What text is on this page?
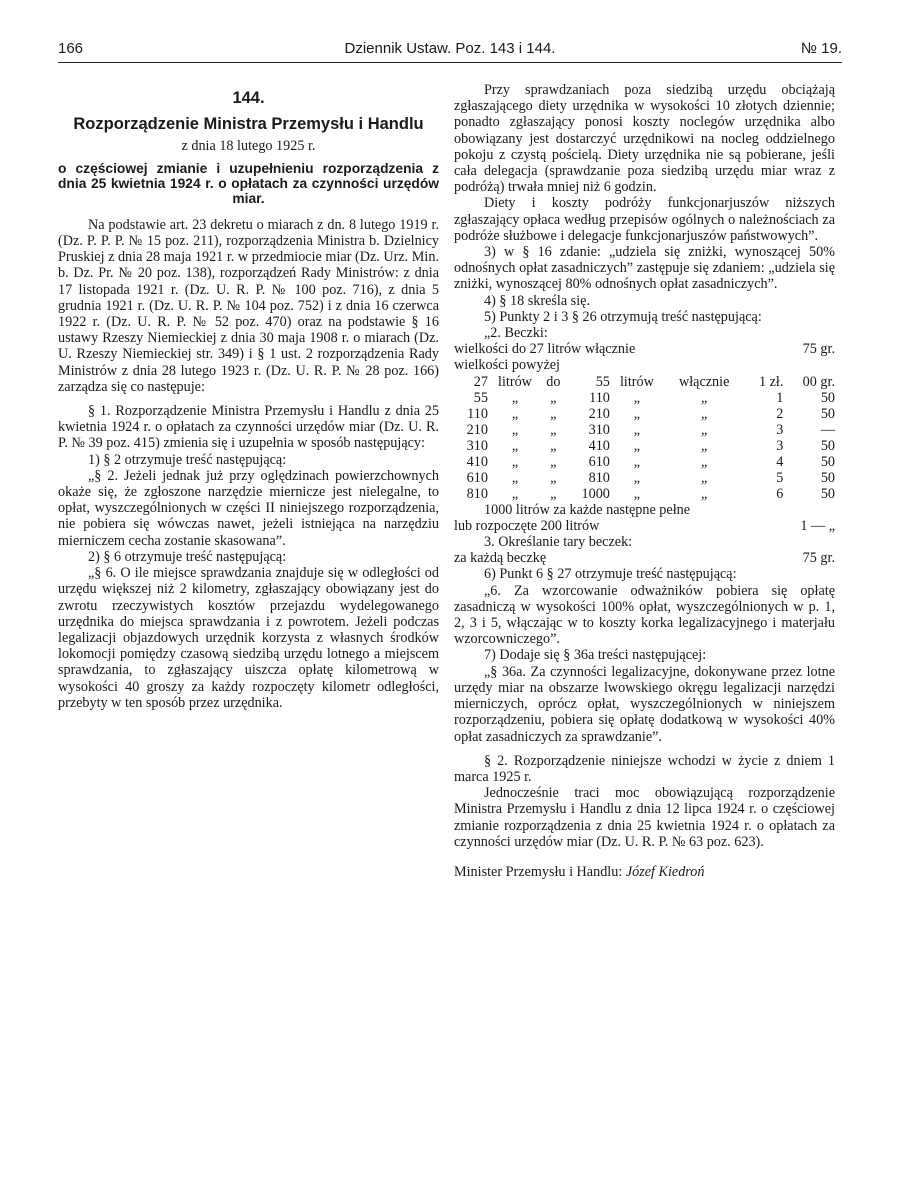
166	Dziennik Ustaw. Poz. 143 i 144.	№ 19.
144.
Rozporządzenie Ministra Przemysłu i Handlu
z dnia 18 lutego 1925 r.
o częściowej zmianie i uzupełnieniu rozporządzenia z dnia 25 kwietnia 1924 r. o opłatach za czynności urzędów miar.

Na podstawie art. 23 dekretu o miarach z dn. 8 lutego 1919 r. (Dz. P. P. P. № 15 poz. 211), rozporządzenia Ministra b. Dzielnicy Pruskiej z dnia 28 maja 1921 r. w przedmiocie miar (Dz. Urz. Min. b. Dz. Pr. № 20 poz. 138), rozporządzeń Rady Ministrów: z dnia 17 listopada 1921 r. (Dz. U. R. P. № 100 poz. 716), z dnia 5 grudnia 1921 r. (Dz. U. R. P. № 104 poz. 752) i z dnia 16 czerwca 1922 r. (Dz. U. R. P. № 52 poz. 470) oraz na podstawie § 16 ustawy Rzeszy Niemieckiej z dnia 30 maja 1908 r. o miarach (Dz. U. Rzeszy Niemieckiej str. 349) i § 1 ust. 2 rozporządzenia Rady Ministrów z dnia 28 lutego 1923 r. (Dz. U. R. P. № 28 poz. 166) zarządza się co następuje:

§ 1. Rozporządzenie Ministra Przemysłu i Handlu z dnia 25 kwietnia 1924 r. o opłatach za czynności urzędów miar (Dz. U. R. P. № 39 poz. 415) zmienia się i uzupełnia w sposób następujący:

1) § 2 otrzymuje treść następującą:

„§ 2. Jeżeli jednak już przy oględzinach powierzchownych okaże się, że zgłoszone narzędzie miernicze jest nielegalne, to opłat, wyszczególnionych w części II niniejszego rozporządzenia, nie pobiera się wówczas nawet, jeżeli istniejąca na narzędziu mierniczem cecha zostanie skasowana”.

2) § 6 otrzymuje treść następującą:

„§ 6. O ile miejsce sprawdzania znajduje się w odległości od urzędu większej niż 2 kilometry, zgłaszający obowiązany jest do zwrotu rzeczywistych kosztów przejazdu wydelegowanego urzędnika do miejsca sprawdzania i z powrotem. Jeżeli podczas legalizacji objazdowych urzędnik korzysta z własnych środków lokomocji pomiędzy czasową siedzibą urzędu lotnego a miejscem sprawdzania, to zgłaszający uiszcza opłatę kilometrową w wysokości 40 groszy za każdy rozpoczęty kilometr odległości, przebyty w ten sposób przez urzędnika.

Przy sprawdzaniach poza siedzibą urzędu obciążają zgłaszającego diety urzędnika w wysokości 10 złotych dziennie; ponadto zgłaszający ponosi koszty noclegów urzędnika albo obowiązany jest dostarczyć urzędnikowi na nocleg oddzielnego pokoju z czystą pościelą. Diety urzędnika nie są pobierane, jeśli cała delegacja (sprawdzanie poza siedzibą urzędu miar wraz z podróżą) trwała mniej niż 6 godzin.

Diety i koszty podróży funkcjonarjuszów niższych zgłaszający opłaca według przepisów ogólnych o należnościach za podróże służbowe i delegacje funkcjonarjuszów państwowych”.

3) w § 16 zdanie: „udziela się zniżki, wynoszącej 50% odnośnych opłat zasadniczych” zastępuje się zdaniem: „udziela się zniżki, wynoszącej 80% odnośnych opłat zasadniczych”.

4) § 18 skreśla się.

5) Punkty 2 i 3 § 26 otrzymują treść następującą:

„2. Beczki:

wielkości do 27 litrów włącznie	75 gr.
wielkości powyżej
27	litrów	do	55	litrów	włącznie	1 zł.	00 gr.
55	„	„	110	„	„	1	50
110	„	„	210	„	„	2	50
210	„	„	310	„	„	3	—
310	„	„	410	„	„	3	50
410	„	„	610	„	„	4	50
610	„	„	810	„	„	5	50
810	„	„	1000	„	„	6	50

1000 litrów za każde następne pełne

lub rozpoczęte 200 litrów	1 — „

3. Określanie tary beczek:

za każdą beczkę	75 gr.

6) Punkt 6 § 27 otrzymuje treść następującą:

„6. Za wzorcowanie odważników pobiera się opłatę zasadniczą w wysokości 100% opłat, wyszczególnionych w p. 1, 2, 3 i 5, włączając w to koszty korka legalizacyjnego i materjału wzorcowniczego”.

7) Dodaje się § 36a treści następującej:

„§ 36a. Za czynności legalizacyjne, dokonywane przez lotne urzędy miar na obszarze lwowskiego okręgu legalizacji narzędzi mierniczych, oprócz opłat, wyszczególnionych w niniejszem rozporządzeniu, pobiera się opłatę dodatkową w wysokości 40% opłat zasadniczych za sprawdzanie”.

§ 2. Rozporządzenie niniejsze wchodzi w życie z dniem 1 marca 1925 r.

Jednocześnie traci moc obowiązującą rozporządzenie Ministra Przemysłu i Handlu z dnia 12 lipca 1924 r. o częściowej zmianie rozporządzenia z dnia 25 kwietnia 1924 r. o opłatach za czynności urzędów miar (Dz. U. R. P. № 63 poz. 623).

Minister Przemysłu i Handlu: Józef Kiedroń
